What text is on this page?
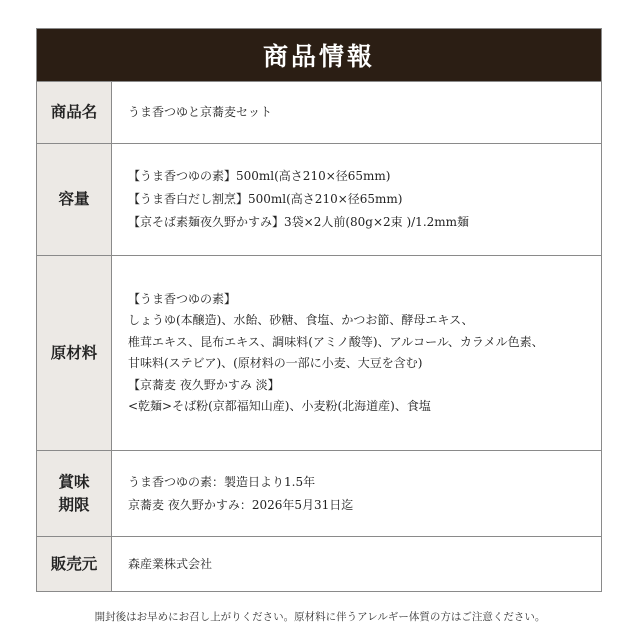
商品情報
商品名	うま香つゆと京蕎麦セット
容量
【うま香つゆの素】500ml(高さ210×径65mm)
【うま香白だし割烹】500ml(高さ210×径65mm)
【京そば素麺夜久野かすみ】3袋×2人前(80g×2束 )/1.2mm麺
原材料
【うま香つゆの素】
しょうゆ(本醸造)、水飴、砂糖、食塩、かつお節、酵母エキス、
椎茸エキス、昆布エキス、調味料(アミノ酸等)、アルコール、カラメル色素、
甘味料(ステビア)、(原材料の一部に小麦、大豆を含む)
【京蕎麦 夜久野かすみ 淡】
<乾麺>そば粉(京都福知山産)、小麦粉(北海道産)、食塩
賞味
期限
うま香つゆの素：製造日より1.5年
京蕎麦 夜久野かすみ：2026年5月31日迄
販売元	森産業株式会社
開封後はお早めにお召し上がりください。原材料に伴うアレルギー体質の方はご注意ください。
